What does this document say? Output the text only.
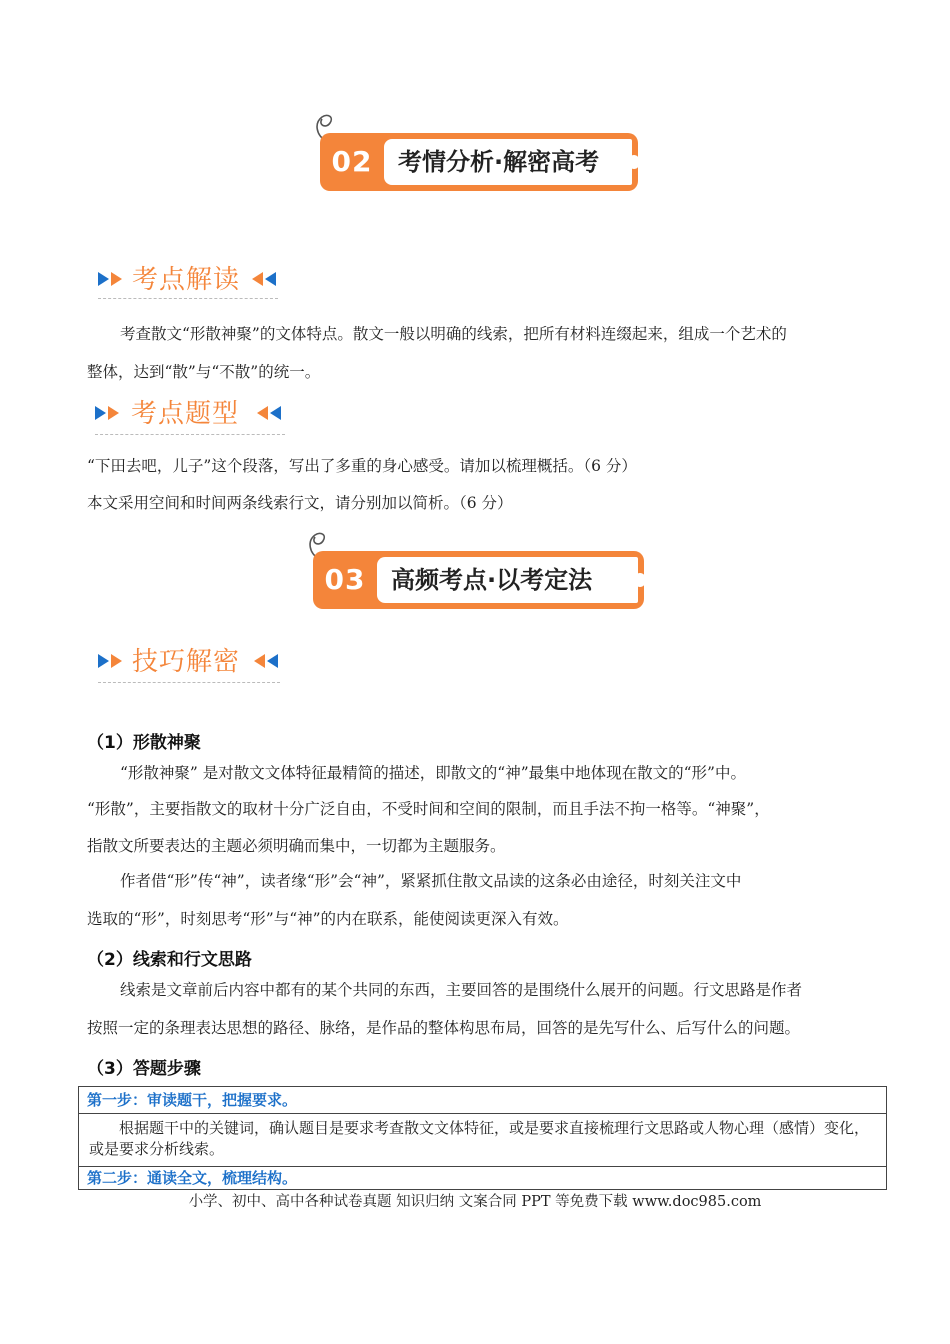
02	考情分析·解密高考
考点解读
考查散文“形散神聚”的文体特点。散文一般以明确的线索，把所有材料连缀起来，组成一个艺术的
整体，达到“散”与“不散”的统一。
考点题型
“下田去吧，儿子”这个段落，写出了多重的身心感受。请加以梳理概括。（6 分）
本文采用空间和时间两条线索行文，请分别加以简析。（6 分）
03	高频考点·以考定法
技巧解密
（1）形散神聚
“形散神聚” 是对散文文体特征最精简的描述，即散文的“神”最集中地体现在散文的“形”中。
“形散”，主要指散文的取材十分广泛自由，不受时间和空间的限制，而且手法不拘一格等。“神聚”，
指散文所要表达的主题必须明确而集中，一切都为主题服务。
作者借“形”传“神”，读者缘“形”会“神”，紧紧抓住散文品读的这条必由途径，时刻关注文中
选取的“形”，时刻思考“形”与“神”的内在联系，能使阅读更深入有效。
（2）线索和行文思路
线索是文章前后内容中都有的某个共同的东西，主要回答的是围绕什么展开的问题。行文思路是作者
按照一定的条理表达思想的路径、脉络，是作品的整体构思布局，回答的是先写什么、后写什么的问题。
（3）答题步骤
第一步：审读题干，把握要求。
根据题干中的关键词，确认题目是要求考查散文文体特征，或是要求直接梳理行文思路或人物心理（感情）变化，或是要求分析线索。
第二步：通读全文，梳理结构。
小学、初中、高中各种试卷真题 知识归纳 文案合同 PPT 等免费下载 www.doc985.com
